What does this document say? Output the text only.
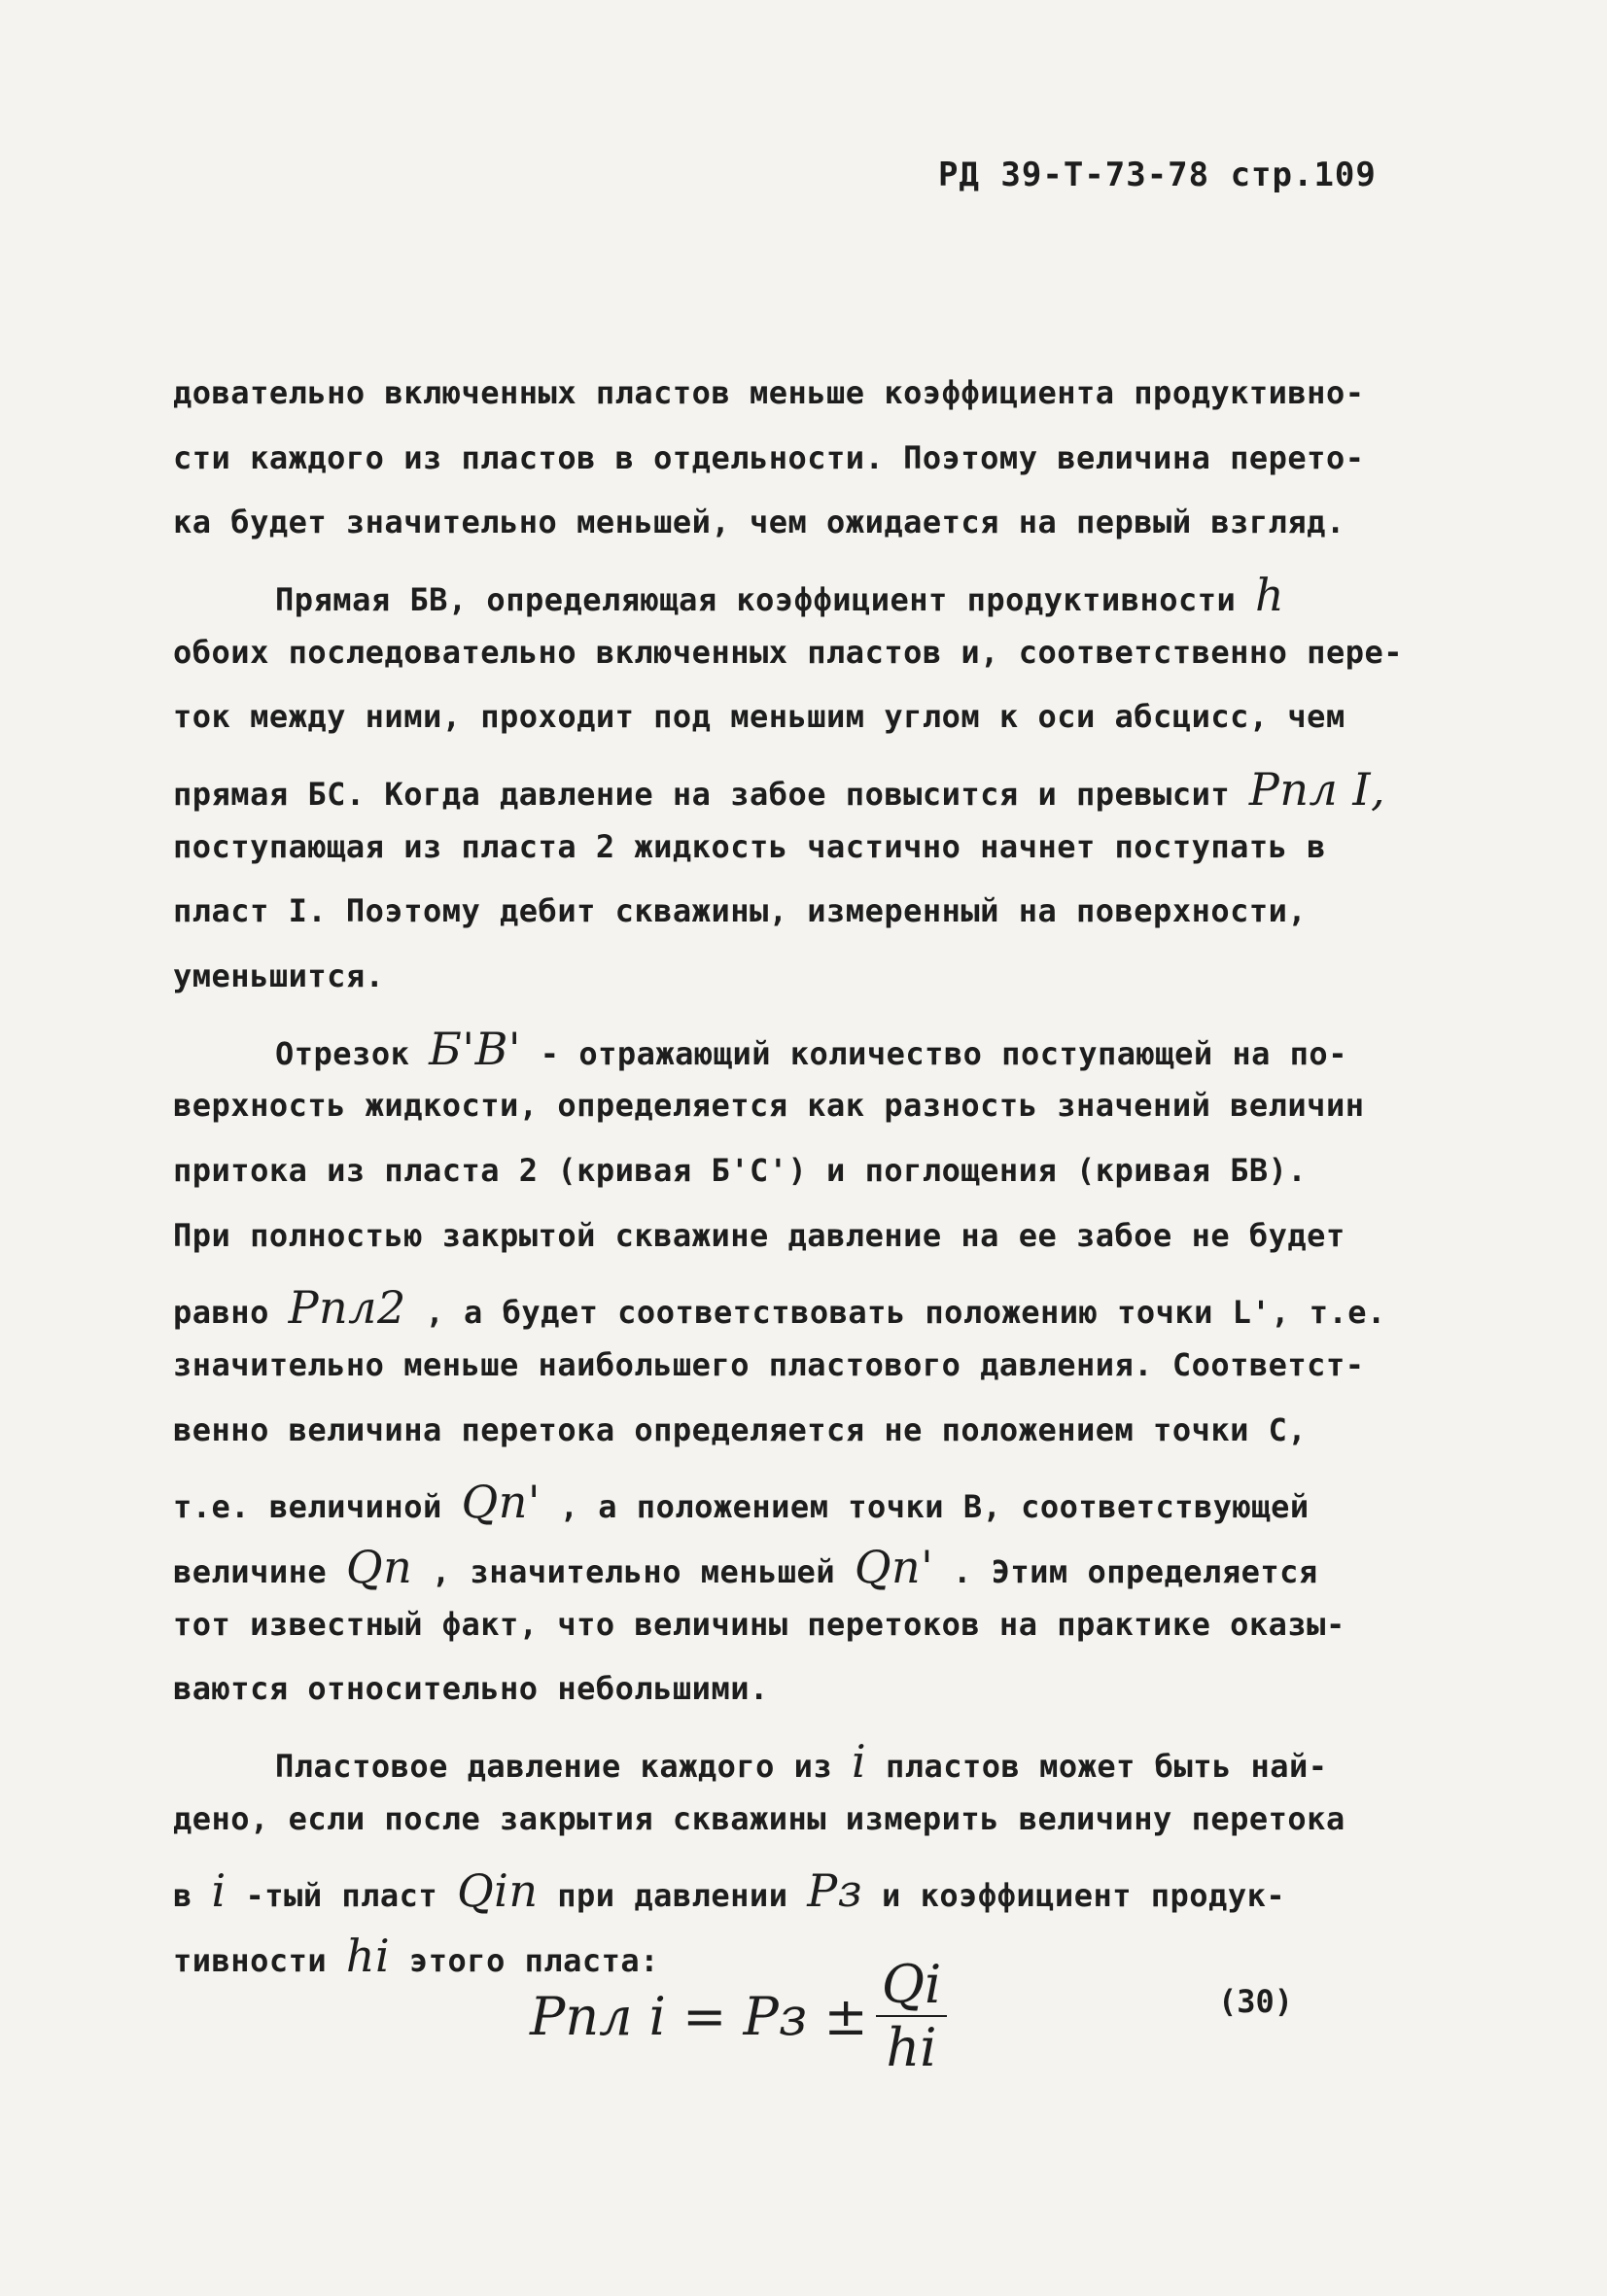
РД 39-Т-73-78 стр.109
довательно включенных пластов меньше коэффициента продуктивно-
сти каждого из пластов в отдельности. Поэтому величина перето-
ка будет значительно меньшей, чем ожидается на первый взгляд.
Прямая БВ, определяющая коэффициент продуктивности h
обоих последовательно включенных пластов и, соответственно пере-
ток между ними, проходит под меньшим углом к оси абсцисс, чем
прямая БС. Когда давление на забое повысится и превысит Pпл I,
поступающая из пласта 2 жидкость частично начнет поступать в
пласт I. Поэтому дебит скважины, измеренный на поверхности,
уменьшится.
Отрезок Б'В' - отражающий количество поступающей на по-
верхность жидкости, определяется как разность значений величин
притока из пласта 2 (кривая Б'С') и поглощения (кривая БВ).
При полностью закрытой скважине давление на ее забое не будет
равно Pпл2 , а будет соответствовать положению точки L', т.е.
значительно меньше наибольшего пластового давления. Соответст-
венно величина перетока определяется не положением точки С,
т.е. величиной Qп' , а положением точки В, соответствующей
величине Qп , значительно меньшей Qп' . Этим определяется
тот известный факт, что величины перетоков на практике оказы-
ваются относительно небольшими.
Пластовое давление каждого из i пластов может быть най-
дено, если после закрытия скважины измерить величину перетока
в i -тый пласт Qiп при давлении Pз и коэффициент продук-
тивности hi этого пласта:
Pпл i = Pз ± $\frac{Qi}{hi}$	(30)
